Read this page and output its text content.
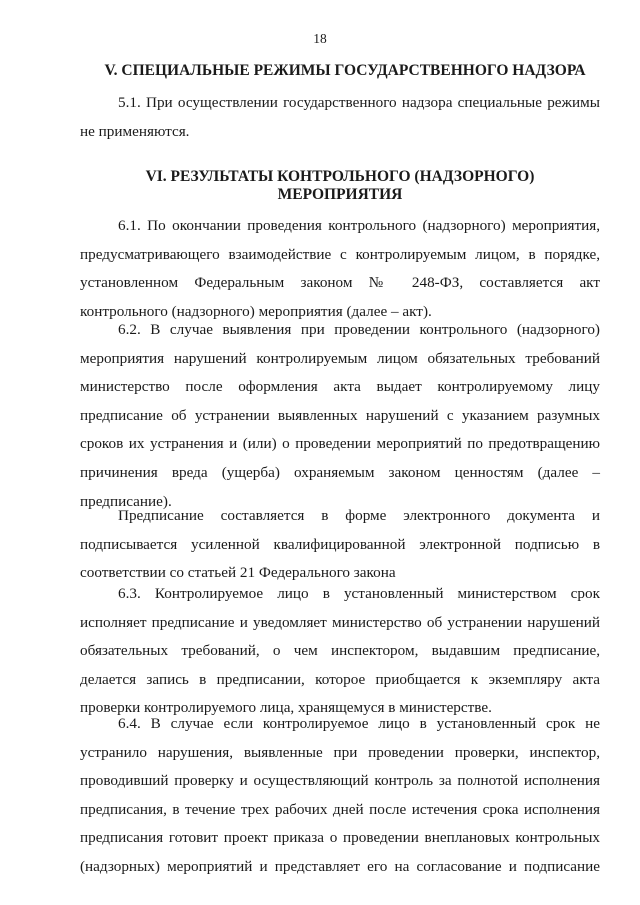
18
V. СПЕЦИАЛЬНЫЕ РЕЖИМЫ ГОСУДАРСТВЕННОГО НАДЗОРА
5.1. При осуществлении государственного надзора специальные режимы
не применяются.
VI. РЕЗУЛЬТАТЫ КОНТРОЛЬНОГО (НАДЗОРНОГО)
МЕРОПРИЯТИЯ
6.1. По окончании проведения контрольного (надзорного) мероприятия,
предусматривающего взаимодействие с контролируемым лицом, в порядке,
установленном Федеральным законом № 248-ФЗ, составляется акт
контрольного (надзорного) мероприятия (далее – акт).
6.2. В случае выявления при проведении контрольного (надзорного)
мероприятия нарушений контролируемым лицом обязательных требований
министерство после оформления акта выдает контролируемому лицу
предписание об устранении выявленных нарушений с указанием разумных
сроков их устранения и (или) о проведении мероприятий по предотвращению
причинения вреда (ущерба) охраняемым законом ценностям (далее –
предписание).
Предписание составляется в форме электронного документа и
подписывается усиленной квалифицированной электронной подписью в
соответствии со статьей 21 Федерального закона
6.3. Контролируемое лицо в установленный министерством срок
исполняет предписание и уведомляет министерство об устранении нарушений
обязательных требований, о чем инспектором, выдавшим предписание,
делается запись в предписании, которое приобщается к экземпляру акта
проверки контролируемого лица, хранящемуся в министерстве.
6.4. В случае если контролируемое лицо в установленный срок не
устранило нарушения, выявленные при проведении проверки, инспектор,
проводивший проверку и осуществляющий контроль за полнотой исполнения
предписания, в течение трех рабочих дней после истечения срока исполнения
предписания готовит проект приказа о проведении внеплановых контрольных
(надзорных) мероприятий и представляет его на согласование и подписание
